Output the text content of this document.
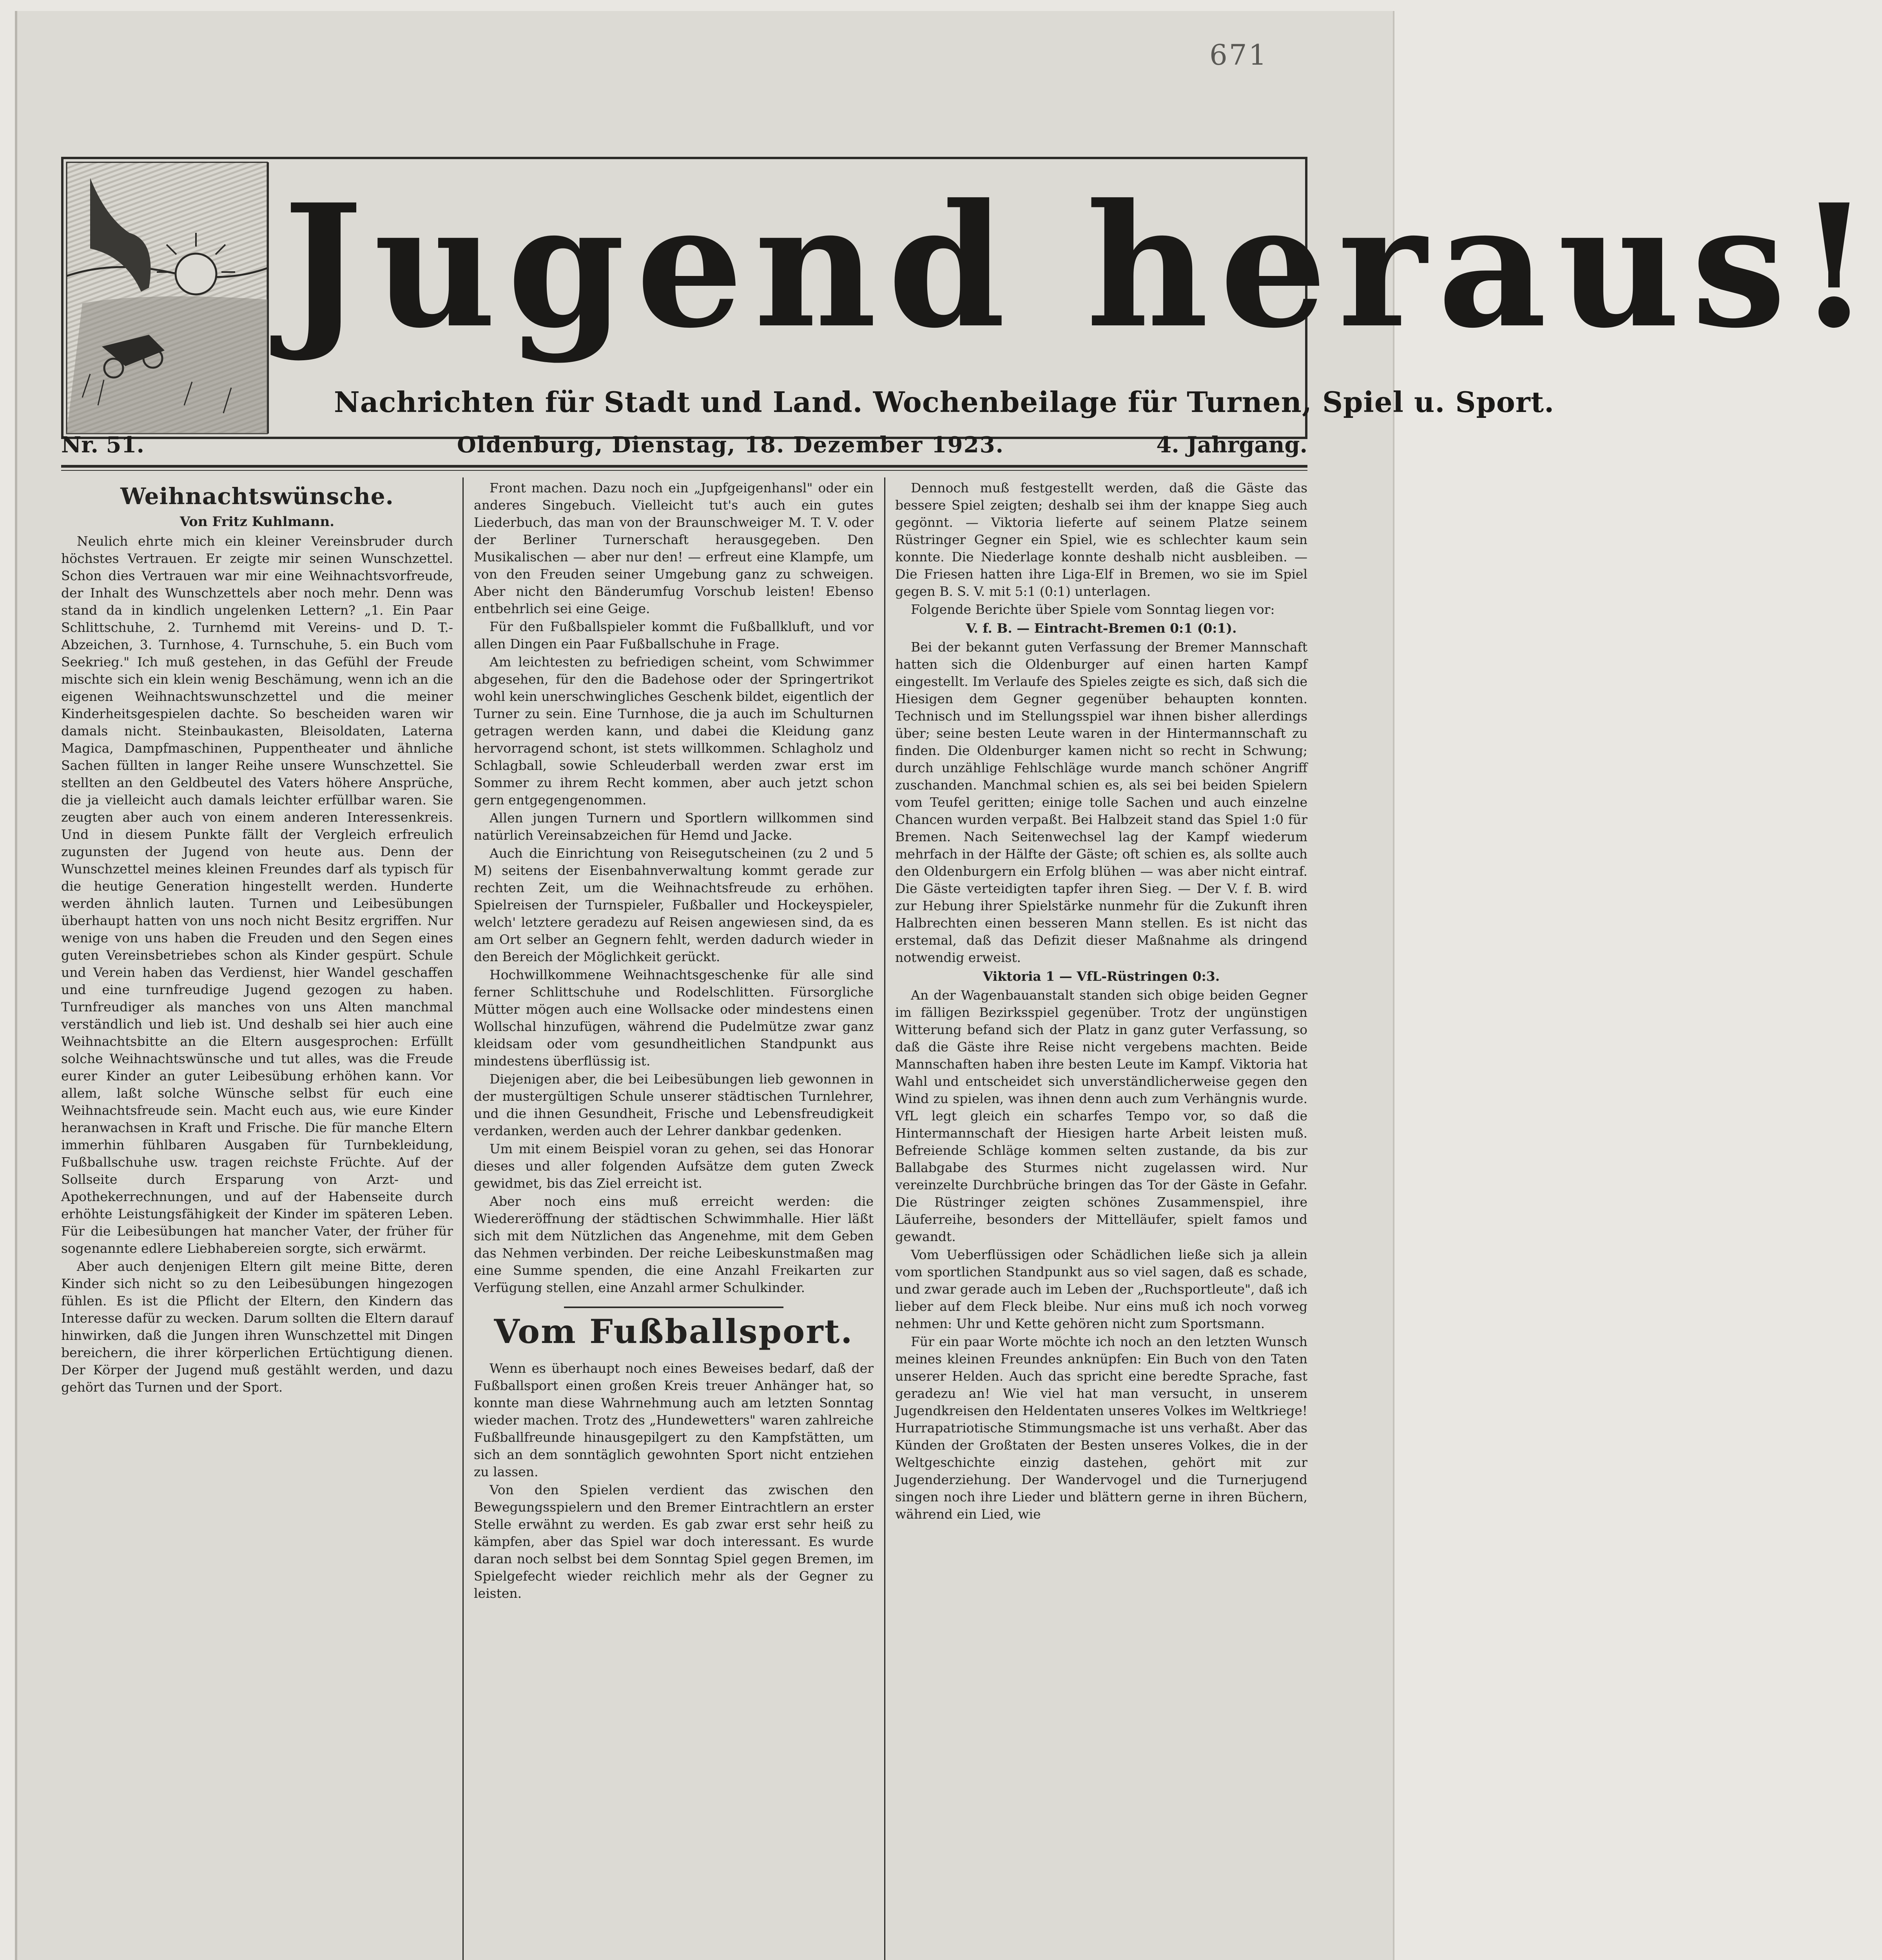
671
Jugend heraus!
Nachrichten für Stadt und Land. Wochenbeilage für Turnen, Spiel u. Sport.
Nr. 51.	Oldenburg, Dienstag, 18. Dezember 1923.	4. Jahrgang.
Weihnachtswünsche.

Von Fritz Kuhlmann.

Neulich ehrte mich ein kleiner Vereinsbruder durch höchstes Vertrauen. Er zeigte mir seinen Wunschzettel. Schon dies Vertrauen war mir eine Weihnachtsvorfreude, der Inhalt des Wunschzettels aber noch mehr. Denn was stand da in kindlich ungelenken Lettern? „1. Ein Paar Schlittschuhe, 2. Turnhemd mit Vereins- und D. T.-Abzeichen, 3. Turnhose, 4. Turnschuhe, 5. ein Buch vom Seekrieg." Ich muß gestehen, in das Gefühl der Freude mischte sich ein klein wenig Beschämung, wenn ich an die eigenen Weihnachtswunschzettel und die meiner Kinderheitsgespielen dachte. So bescheiden waren wir damals nicht. Steinbaukasten, Bleisoldaten, Laterna Magica, Dampfmaschinen, Puppentheater und ähnliche Sachen füllten in langer Reihe unsere Wunschzettel. Sie stellten an den Geldbeutel des Vaters höhere Ansprüche, die ja vielleicht auch damals leichter erfüllbar waren. Sie zeugten aber auch von einem anderen Interessenkreis. Und in diesem Punkte fällt der Vergleich erfreulich zugunsten der Jugend von heute aus. Denn der Wunschzettel meines kleinen Freundes darf als typisch für die heutige Generation hingestellt werden. Hunderte werden ähnlich lauten. Turnen und Leibesübungen überhaupt hatten von uns noch nicht Besitz ergriffen. Nur wenige von uns haben die Freuden und den Segen eines guten Vereinsbetriebes schon als Kinder gespürt. Schule und Verein haben das Verdienst, hier Wandel geschaffen und eine turnfreudige Jugend gezogen zu haben. Turnfreudiger als manches von uns Alten manchmal verständlich und lieb ist. Und deshalb sei hier auch eine Weihnachtsbitte an die Eltern ausgesprochen: Erfüllt solche Weihnachtswünsche und tut alles, was die Freude eurer Kinder an guter Leibesübung erhöhen kann. Vor allem, laßt solche Wünsche selbst für euch eine Weihnachtsfreude sein. Macht euch aus, wie eure Kinder heranwachsen in Kraft und Frische. Die für manche Eltern immerhin fühlbaren Ausgaben für Turnbekleidung, Fußballschuhe usw. tragen reichste Früchte. Auf der Sollseite durch Ersparung von Arzt- und Apothekerrechnungen, und auf der Habenseite durch erhöhte Leistungsfähigkeit der Kinder im späteren Leben. Für die Leibesübungen hat mancher Vater, der früher für sogenannte edlere Liebhabereien sorgte, sich erwärmt.

Aber auch denjenigen Eltern gilt meine Bitte, deren Kinder sich nicht so zu den Leibesübungen hingezogen fühlen. Es ist die Pflicht der Eltern, den Kindern das Interesse dafür zu wecken. Darum sollten die Eltern darauf hinwirken, daß die Jungen ihren Wunschzettel mit Dingen bereichern, die ihrer körperlichen Ertüchtigung dienen. Der Körper der Jugend muß gestählt werden, und dazu gehört das Turnen und der Sport.

Front machen. Dazu noch ein „Jupfgeigenhansl" oder ein anderes Singebuch. Vielleicht tut's auch ein gutes Liederbuch, das man von der Braunschweiger M. T. V. oder der Berliner Turnerschaft herausgegeben. Den Musikalischen — aber nur den! — erfreut eine Klampfe, um von den Freuden seiner Umgebung ganz zu schweigen. Aber nicht den Bänderumfug Vorschub leisten! Ebenso entbehrlich sei eine Geige.

Für den Fußballspieler kommt die Fußballkluft, und vor allen Dingen ein Paar Fußballschuhe in Frage.

Am leichtesten zu befriedigen scheint, vom Schwimmer abgesehen, für den die Badehose oder der Springertrikot wohl kein unerschwingliches Geschenk bildet, eigentlich der Turner zu sein. Eine Turnhose, die ja auch im Schulturnen getragen werden kann, und dabei die Kleidung ganz hervorragend schont, ist stets willkommen. Schlagholz und Schlagball, sowie Schleuderball werden zwar erst im Sommer zu ihrem Recht kommen, aber auch jetzt schon gern entgegengenommen.

Allen jungen Turnern und Sportlern willkommen sind natürlich Vereinsabzeichen für Hemd und Jacke.

Auch die Einrichtung von Reisegutscheinen (zu 2 und 5 M) seitens der Eisenbahnverwaltung kommt gerade zur rechten Zeit, um die Weihnachtsfreude zu erhöhen. Spielreisen der Turnspieler, Fußballer und Hockeyspieler, welch' letztere geradezu auf Reisen angewiesen sind, da es am Ort selber an Gegnern fehlt, werden dadurch wieder in den Bereich der Möglichkeit gerückt.

Hochwillkommene Weihnachtsgeschenke für alle sind ferner Schlittschuhe und Rodelschlitten. Fürsorgliche Mütter mögen auch eine Wollsacke oder mindestens einen Wollschal hinzufügen, während die Pudelmütze zwar ganz kleidsam oder vom gesundheitlichen Standpunkt aus mindestens überflüssig ist.

Diejenigen aber, die bei Leibesübungen lieb gewonnen in der mustergültigen Schule unserer städtischen Turnlehrer, und die ihnen Gesundheit, Frische und Lebensfreudigkeit verdanken, werden auch der Lehrer dankbar gedenken.

Um mit einem Beispiel voran zu gehen, sei das Honorar dieses und aller folgenden Aufsätze dem guten Zweck gewidmet, bis das Ziel erreicht ist.

Aber noch eins muß erreicht werden: die Wiedereröffnung der städtischen Schwimmhalle. Hier läßt sich mit dem Nützlichen das Angenehme, mit dem Geben das Nehmen verbinden. Der reiche Leibeskunstmaßen mag eine Summe spenden, die eine Anzahl Freikarten zur Verfügung stellen, eine Anzahl armer Schulkinder.

Vom Fußballsport.

Wenn es überhaupt noch eines Beweises bedarf, daß der Fußballsport einen großen Kreis treuer Anhänger hat, so konnte man diese Wahrnehmung auch am letzten Sonntag wieder machen. Trotz des „Hundewetters" waren zahlreiche Fußballfreunde hinausgepilgert zu den Kampfstätten, um sich an dem sonntäglich gewohnten Sport nicht entziehen zu lassen.

Von den Spielen verdient das zwischen den Bewegungsspielern und den Bremer Eintrachtlern an erster Stelle erwähnt zu werden. Es gab zwar erst sehr heiß zu kämpfen, aber das Spiel war doch interessant. Es wurde daran noch selbst bei dem Sonntag Spiel gegen Bremen, im Spielgefecht wieder reichlich mehr als der Gegner zu leisten.

Dennoch muß festgestellt werden, daß die Gäste das bessere Spiel zeigten; deshalb sei ihm der knappe Sieg auch gegönnt. — Viktoria lieferte auf seinem Platze seinem Rüstringer Gegner ein Spiel, wie es schlechter kaum sein konnte. Die Niederlage konnte deshalb nicht ausbleiben. — Die Friesen hatten ihre Liga-Elf in Bremen, wo sie im Spiel gegen B. S. V. mit 5:1 (0:1) unterlagen.

Folgende Berichte über Spiele vom Sonntag liegen vor:

V. f. B. — Eintracht-Bremen 0:1 (0:1).

Bei der bekannt guten Verfassung der Bremer Mannschaft hatten sich die Oldenburger auf einen harten Kampf eingestellt. Im Verlaufe des Spieles zeigte es sich, daß sich die Hiesigen dem Gegner gegenüber behaupten konnten. Technisch und im Stellungsspiel war ihnen bisher allerdings über; seine besten Leute waren in der Hintermannschaft zu finden. Die Oldenburger kamen nicht so recht in Schwung; durch unzählige Fehlschläge wurde manch schöner Angriff zuschanden. Manchmal schien es, als sei bei beiden Spielern vom Teufel geritten; einige tolle Sachen und auch einzelne Chancen wurden verpaßt. Bei Halbzeit stand das Spiel 1:0 für Bremen. Nach Seitenwechsel lag der Kampf wiederum mehrfach in der Hälfte der Gäste; oft schien es, als sollte auch den Oldenburgern ein Erfolg blühen — was aber nicht eintraf. Die Gäste verteidigten tapfer ihren Sieg. — Der V. f. B. wird zur Hebung ihrer Spielstärke nunmehr für die Zukunft ihren Halbrechten einen besseren Mann stellen. Es ist nicht das erstemal, daß das Defizit dieser Maßnahme als dringend notwendig erweist.

Viktoria 1 — VfL-Rüstringen 0:3.

An der Wagenbauanstalt standen sich obige beiden Gegner im fälligen Bezirksspiel gegenüber. Trotz der ungünstigen Witterung befand sich der Platz in ganz guter Verfassung, so daß die Gäste ihre Reise nicht vergebens machten. Beide Mannschaften haben ihre besten Leute im Kampf. Viktoria hat Wahl und entscheidet sich unverständlicherweise gegen den Wind zu spielen, was ihnen denn auch zum Verhängnis wurde. VfL legt gleich ein scharfes Tempo vor, so daß die Hintermannschaft der Hiesigen harte Arbeit leisten muß. Befreiende Schläge kommen selten zustande, da bis zur Ballabgabe des Sturmes nicht zugelassen wird. Nur vereinzelte Durchbrüche bringen das Tor der Gäste in Gefahr. Die Rüstringer zeigten schönes Zusammenspiel, ihre Läuferreihe, besonders der Mittelläufer, spielt famos und gewandt.

Vom Ueberflüssigen oder Schädlichen ließe sich ja allein vom sportlichen Standpunkt aus so viel sagen, daß es schade, und zwar gerade auch im Leben der „Ruchsportleute", daß ich lieber auf dem Fleck bleibe. Nur eins muß ich noch vorweg nehmen: Uhr und Kette gehören nicht zum Sportsmann.

Für ein paar Worte möchte ich noch an den letzten Wunsch meines kleinen Freundes anknüpfen: Ein Buch von den Taten unserer Helden. Auch das spricht eine beredte Sprache, fast geradezu an! Wie viel hat man versucht, in unserem Jugendkreisen den Heldentaten unseres Volkes im Weltkriege! Hurrapatriotische Stimmungsmache ist uns verhaßt. Aber das Künden der Großtaten der Besten unseres Volkes, die in der Weltgeschichte einzig dastehen, gehört mit zur Jugenderziehung. Der Wandervogel und die Turnerjugend singen noch ihre Lieder und blättern gerne in ihren Büchern, während ein Lied, wie
